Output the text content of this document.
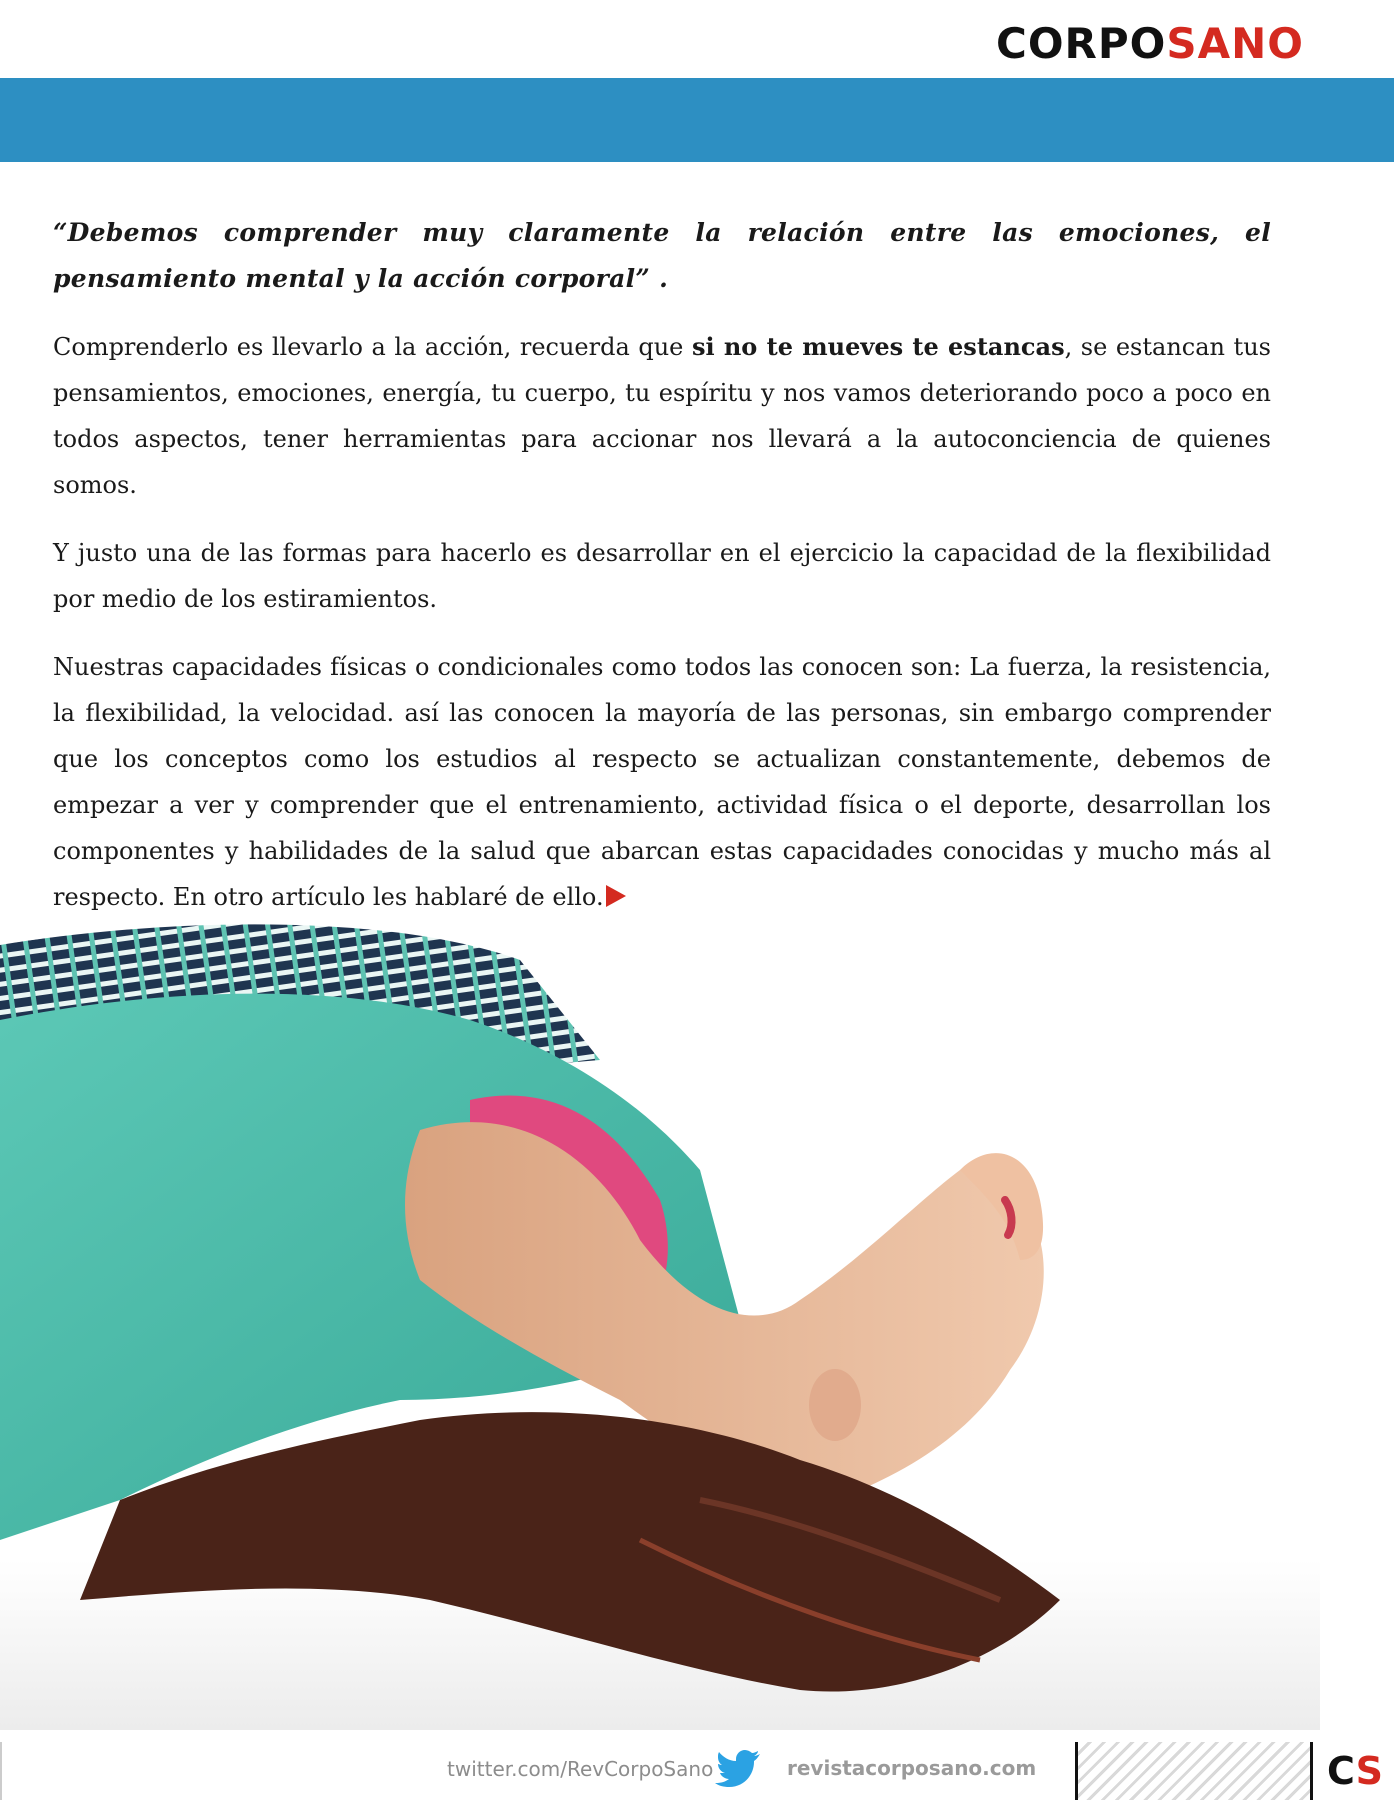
CORPOSANO

“Debemos comprender muy claramente la relación entre las emociones, el pensamiento mental y la acción corporal” .

Comprenderlo es llevarlo a la acción, recuerda que si no te mueves te estancas, se estancan tus pensamientos, emociones, energía, tu cuerpo, tu espíritu y nos vamos deteriorando poco a poco en todos aspectos, tener herramientas para accionar nos llevará a la autoconciencia de quienes somos.

Y justo una de las formas para hacerlo es desarrollar en el ejercicio la capacidad de la flexibilidad por medio de los estiramientos.

Nuestras capacidades físicas o condicionales como todos las conocen son: La fuerza, la resistencia, la flexibilidad, la velocidad. así las conocen la mayoría de las personas, sin embargo comprender que los conceptos como los estudios al respecto se actualizan constantemente, debemos de empezar a ver y comprender que el entrenamiento, actividad física o el deporte, desarrollan los componentes y habilidades de la salud que abarcan estas capacidades conocidas y mucho más al respecto. En otro artículo les hablaré de ello.

twitter.com/RevCorpoSano	revistacorposano.com	CS
